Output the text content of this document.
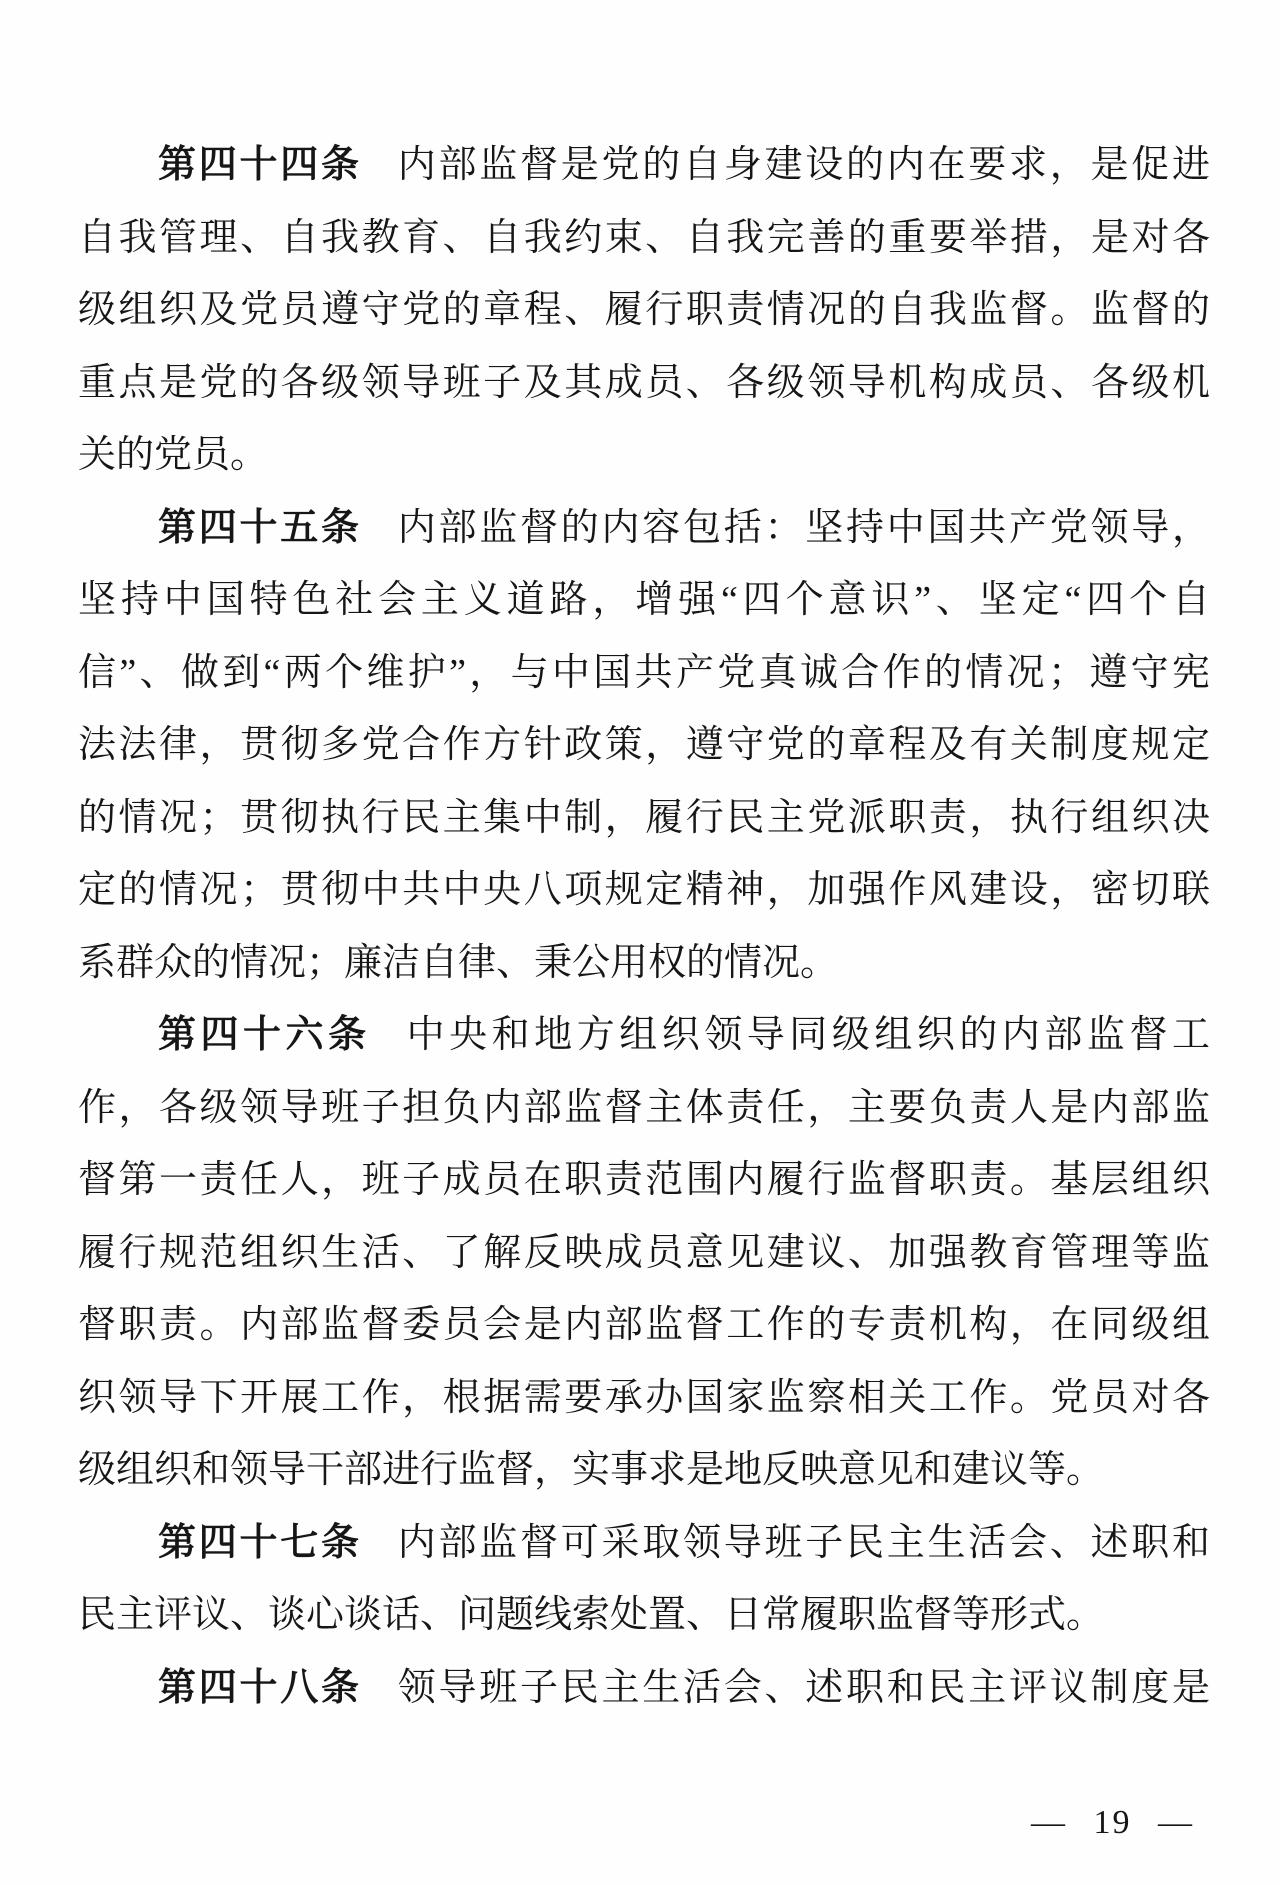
第四十四条 内部监督是党的自身建设的内在要求，是促进
自我管理、自我教育、自我约束、自我完善的重要举措，是对各
级组织及党员遵守党的章程、履行职责情况的自我监督。监督的
重点是党的各级领导班子及其成员、各级领导机构成员、各级机
关的党员。
第四十五条 内部监督的内容包括：坚持中国共产党领导，
坚持中国特色社会主义道路，增强“四个意识”、坚定“四个自
信”、做到“两个维护”，与中国共产党真诚合作的情况；遵守宪
法法律，贯彻多党合作方针政策，遵守党的章程及有关制度规定
的情况；贯彻执行民主集中制，履行民主党派职责，执行组织决
定的情况；贯彻中共中央八项规定精神，加强作风建设，密切联
系群众的情况；廉洁自律、秉公用权的情况。
第四十六条 中央和地方组织领导同级组织的内部监督工
作，各级领导班子担负内部监督主体责任，主要负责人是内部监
督第一责任人，班子成员在职责范围内履行监督职责。基层组织
履行规范组织生活、了解反映成员意见建议、加强教育管理等监
督职责。内部监督委员会是内部监督工作的专责机构，在同级组
织领导下开展工作，根据需要承办国家监察相关工作。党员对各
级组织和领导干部进行监督，实事求是地反映意见和建议等。
第四十七条 内部监督可采取领导班子民主生活会、述职和
民主评议、谈心谈话、问题线索处置、日常履职监督等形式。
第四十八条 领导班子民主生活会、述职和民主评议制度是
— 19 —
